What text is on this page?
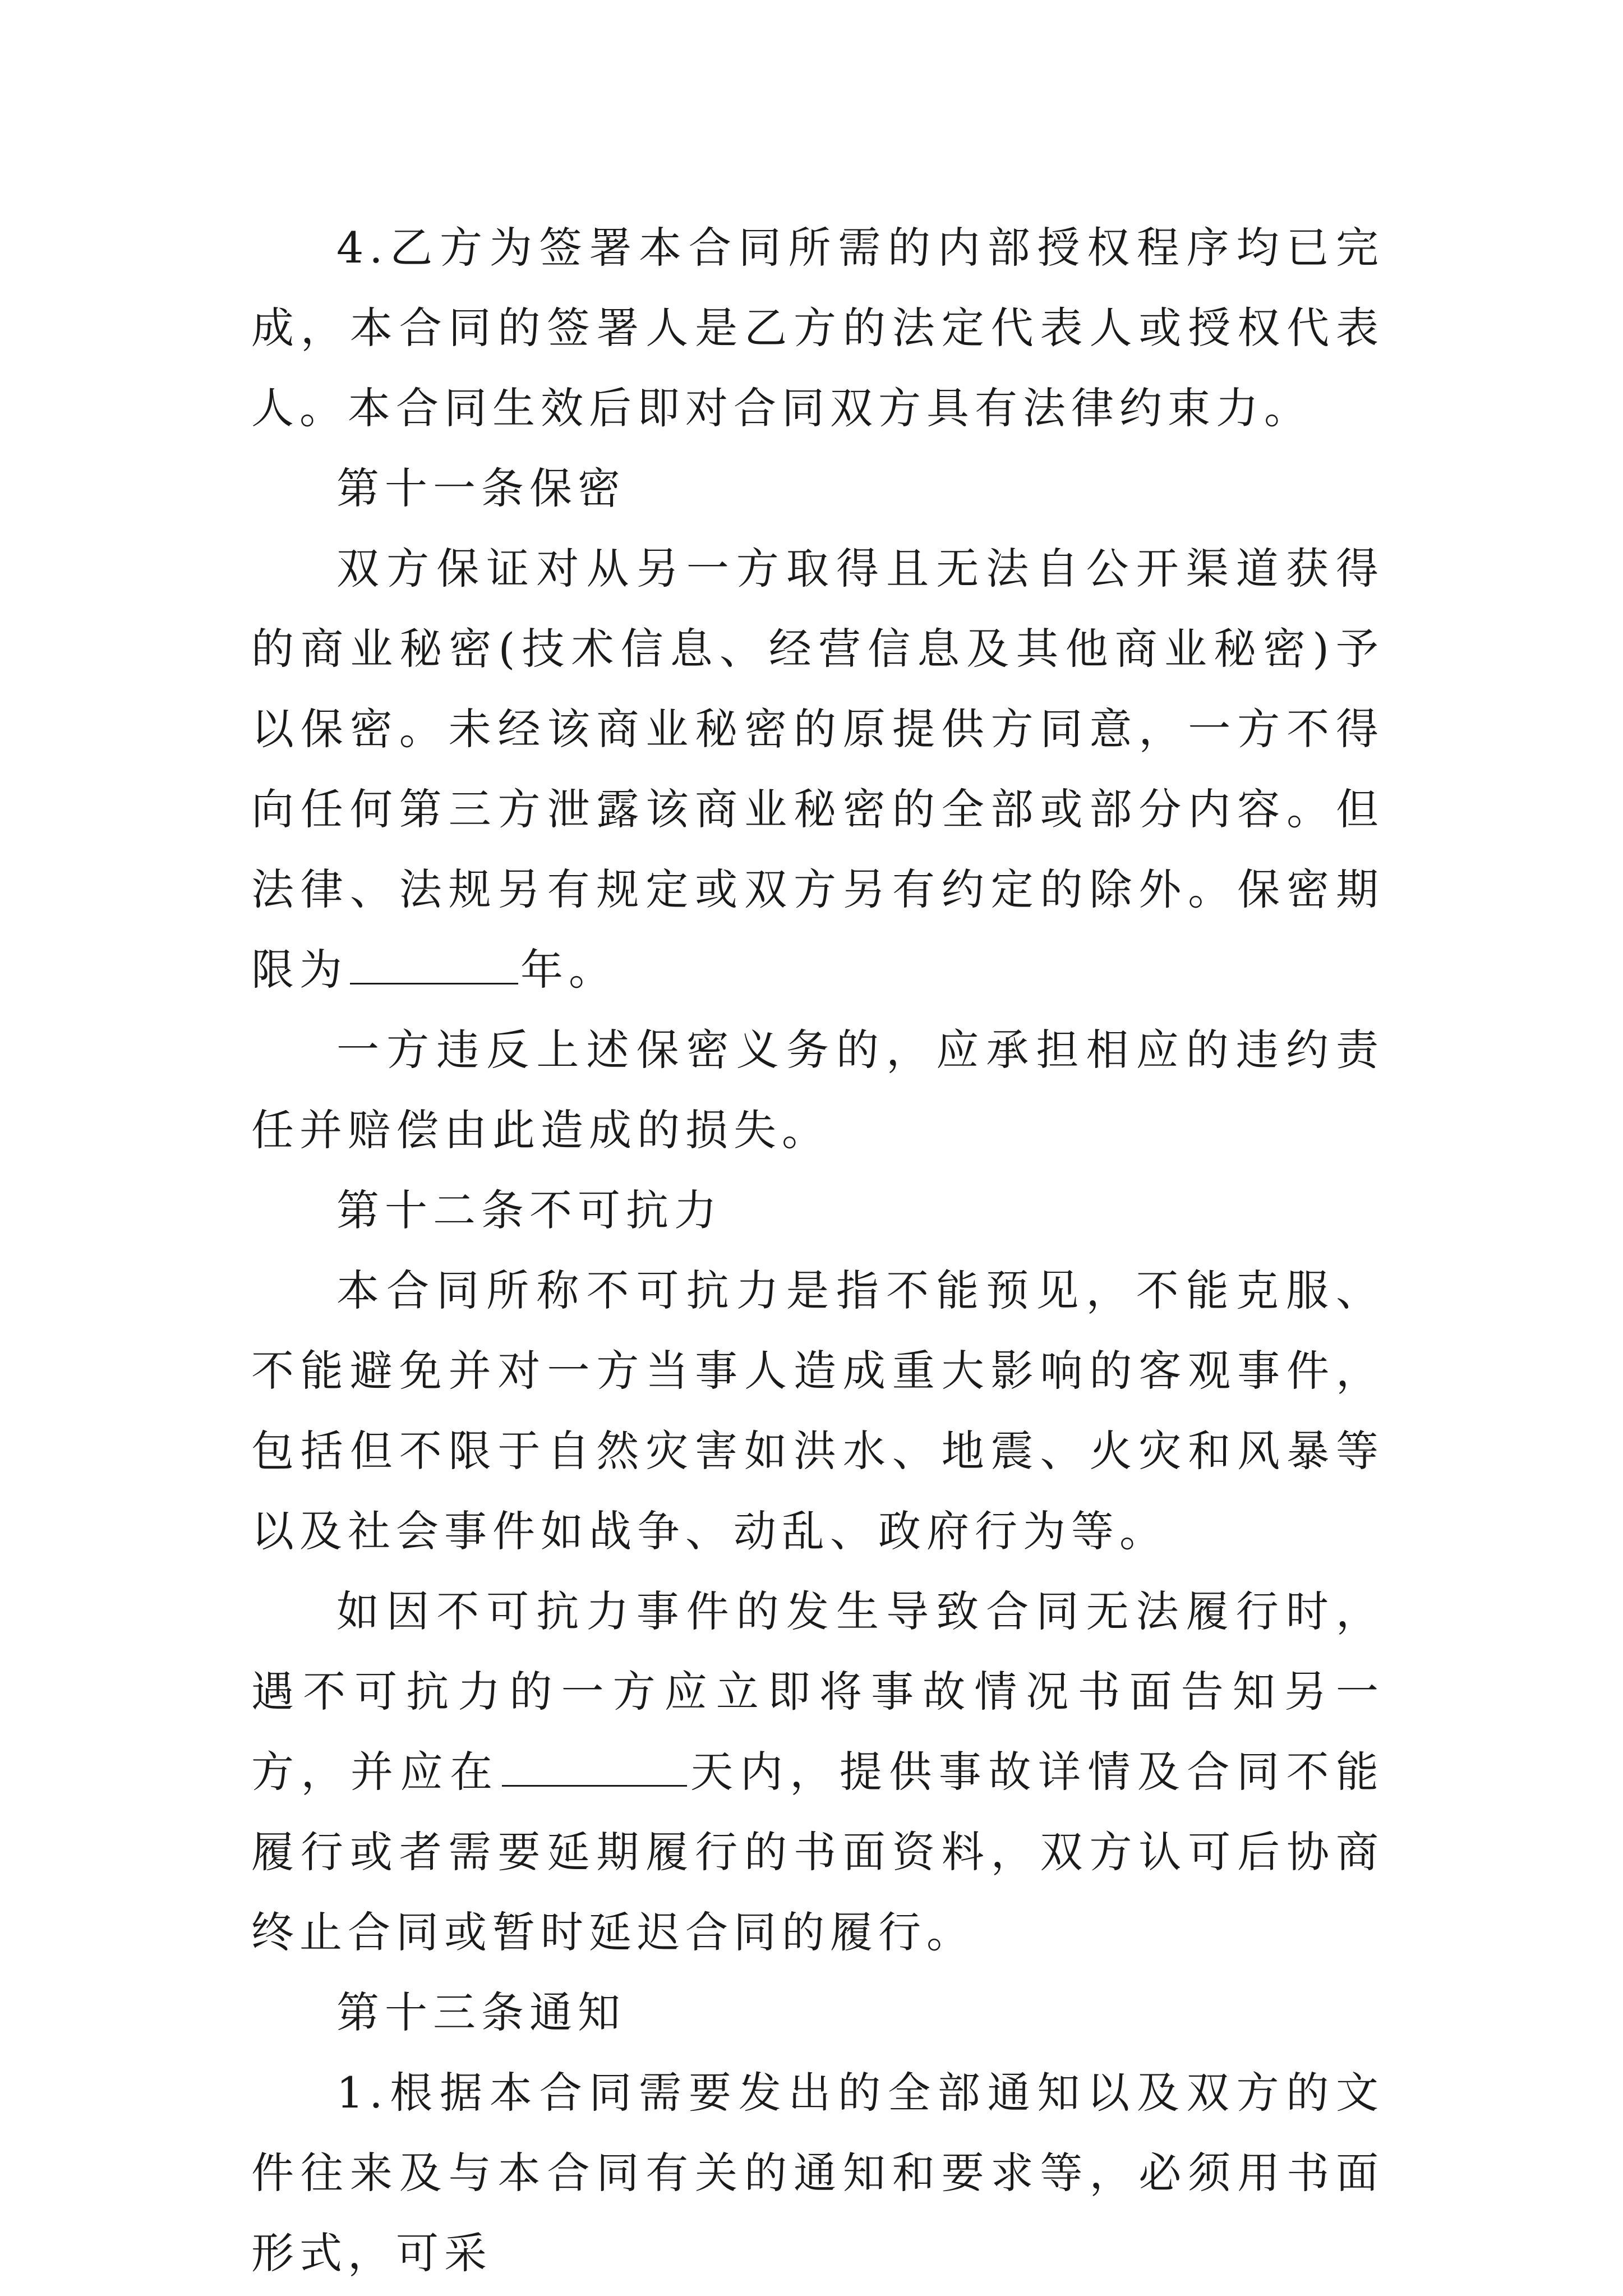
4.乙方为签署本合同所需的内部授权程序均已完成，本合同的签署人是乙方的法定代表人或授权代表人。本合同生效后即对合同双方具有法律约束力。

第十一条保密

双方保证对从另一方取得且无法自公开渠道获得的商业秘密(技术信息、经营信息及其他商业秘密)予以保密。未经该商业秘密的原提供方同意，一方不得向任何第三方泄露该商业秘密的全部或部分内容。但法律、法规另有规定或双方另有约定的除外。保密期限为	年。

一方违反上述保密义务的，应承担相应的违约责任并赔偿由此造成的损失。

第十二条不可抗力

本合同所称不可抗力是指不能预见，不能克服、不能避免并对一方当事人造成重大影响的客观事件，包括但不限于自然灾害如洪水、地震、火灾和风暴等以及社会事件如战争、动乱、政府行为等。

如因不可抗力事件的发生导致合同无法履行时，遇不可抗力的一方应立即将事故情况书面告知另一方，并应在	天内，提供事故详情及合同不能履行或者需要延期履行的书面资料，双方认可后协商终止合同或暂时延迟合同的履行。

第十三条通知

1.根据本合同需要发出的全部通知以及双方的文件往来及与本合同有关的通知和要求等，必须用书面形式，可采
